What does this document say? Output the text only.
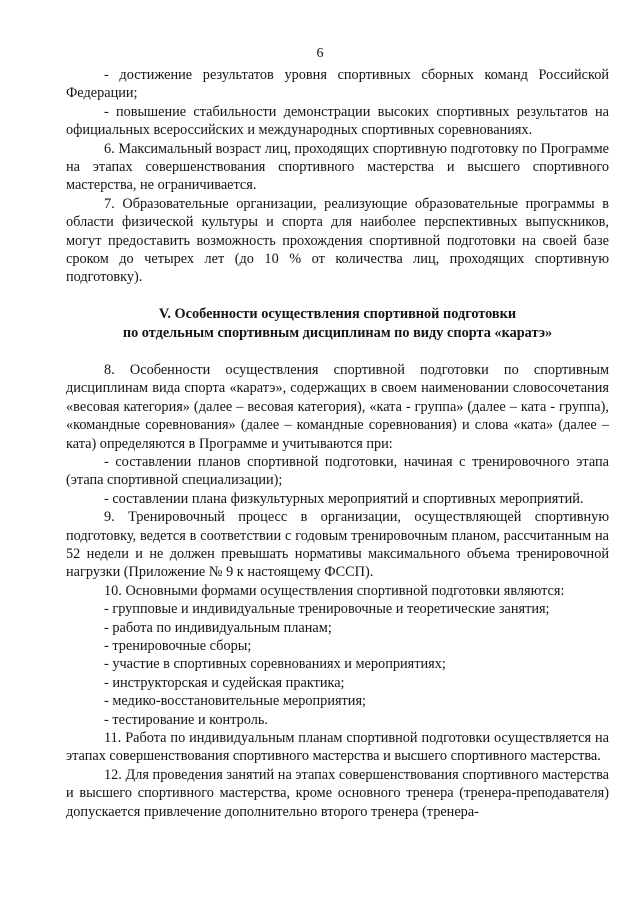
6

- достижение результатов уровня спортивных сборных команд Российской Федерации;

- повышение стабильности демонстрации высоких спортивных результатов на официальных всероссийских и международных спортивных соревнованиях.

6. Максимальный возраст лиц, проходящих спортивную подготовку по Программе на этапах совершенствования спортивного мастерства и высшего спортивного мастерства, не ограничивается.

7. Образовательные организации, реализующие образовательные программы в области физической культуры и спорта для наиболее перспективных выпускников, могут предоставить возможность прохождения спортивной подготовки на своей базе сроком до четырех лет (до 10 % от количества лиц, проходящих спортивную подготовку).

V. Особенности осуществления спортивной подготовки
по отдельным спортивным дисциплинам по виду спорта «каратэ»

8. Особенности осуществления спортивной подготовки по спортивным дисциплинам вида спорта «каратэ», содержащих в своем наименовании словосочетания «весовая категория» (далее – весовая категория), «ката - группа» (далее – ката - группа), «командные соревнования» (далее – командные соревнования) и слова «ката» (далее – ката) определяются в Программе и учитываются при:

- составлении планов спортивной подготовки, начиная с тренировочного этапа (этапа спортивной специализации);

- составлении плана физкультурных мероприятий и спортивных мероприятий.

9. Тренировочный процесс в организации, осуществляющей спортивную подготовку, ведется в соответствии с годовым тренировочным планом, рассчитанным на 52 недели и не должен превышать нормативы максимального объема тренировочной нагрузки (Приложение № 9 к настоящему ФССП).

10. Основными формами осуществления спортивной подготовки являются:

- групповые и индивидуальные тренировочные и теоретические занятия;

- работа по индивидуальным планам;

- тренировочные сборы;

- участие в спортивных соревнованиях и мероприятиях;

- инструкторская и судейская практика;

- медико-восстановительные мероприятия;

- тестирование и контроль.

11. Работа по индивидуальным планам спортивной подготовки осуществляется на этапах совершенствования спортивного мастерства и высшего спортивного мастерства.

12. Для проведения занятий на этапах совершенствования спортивного мастерства и высшего спортивного мастерства, кроме основного тренера (тренера-преподавателя) допускается привлечение дополнительно второго тренера (тренера-
